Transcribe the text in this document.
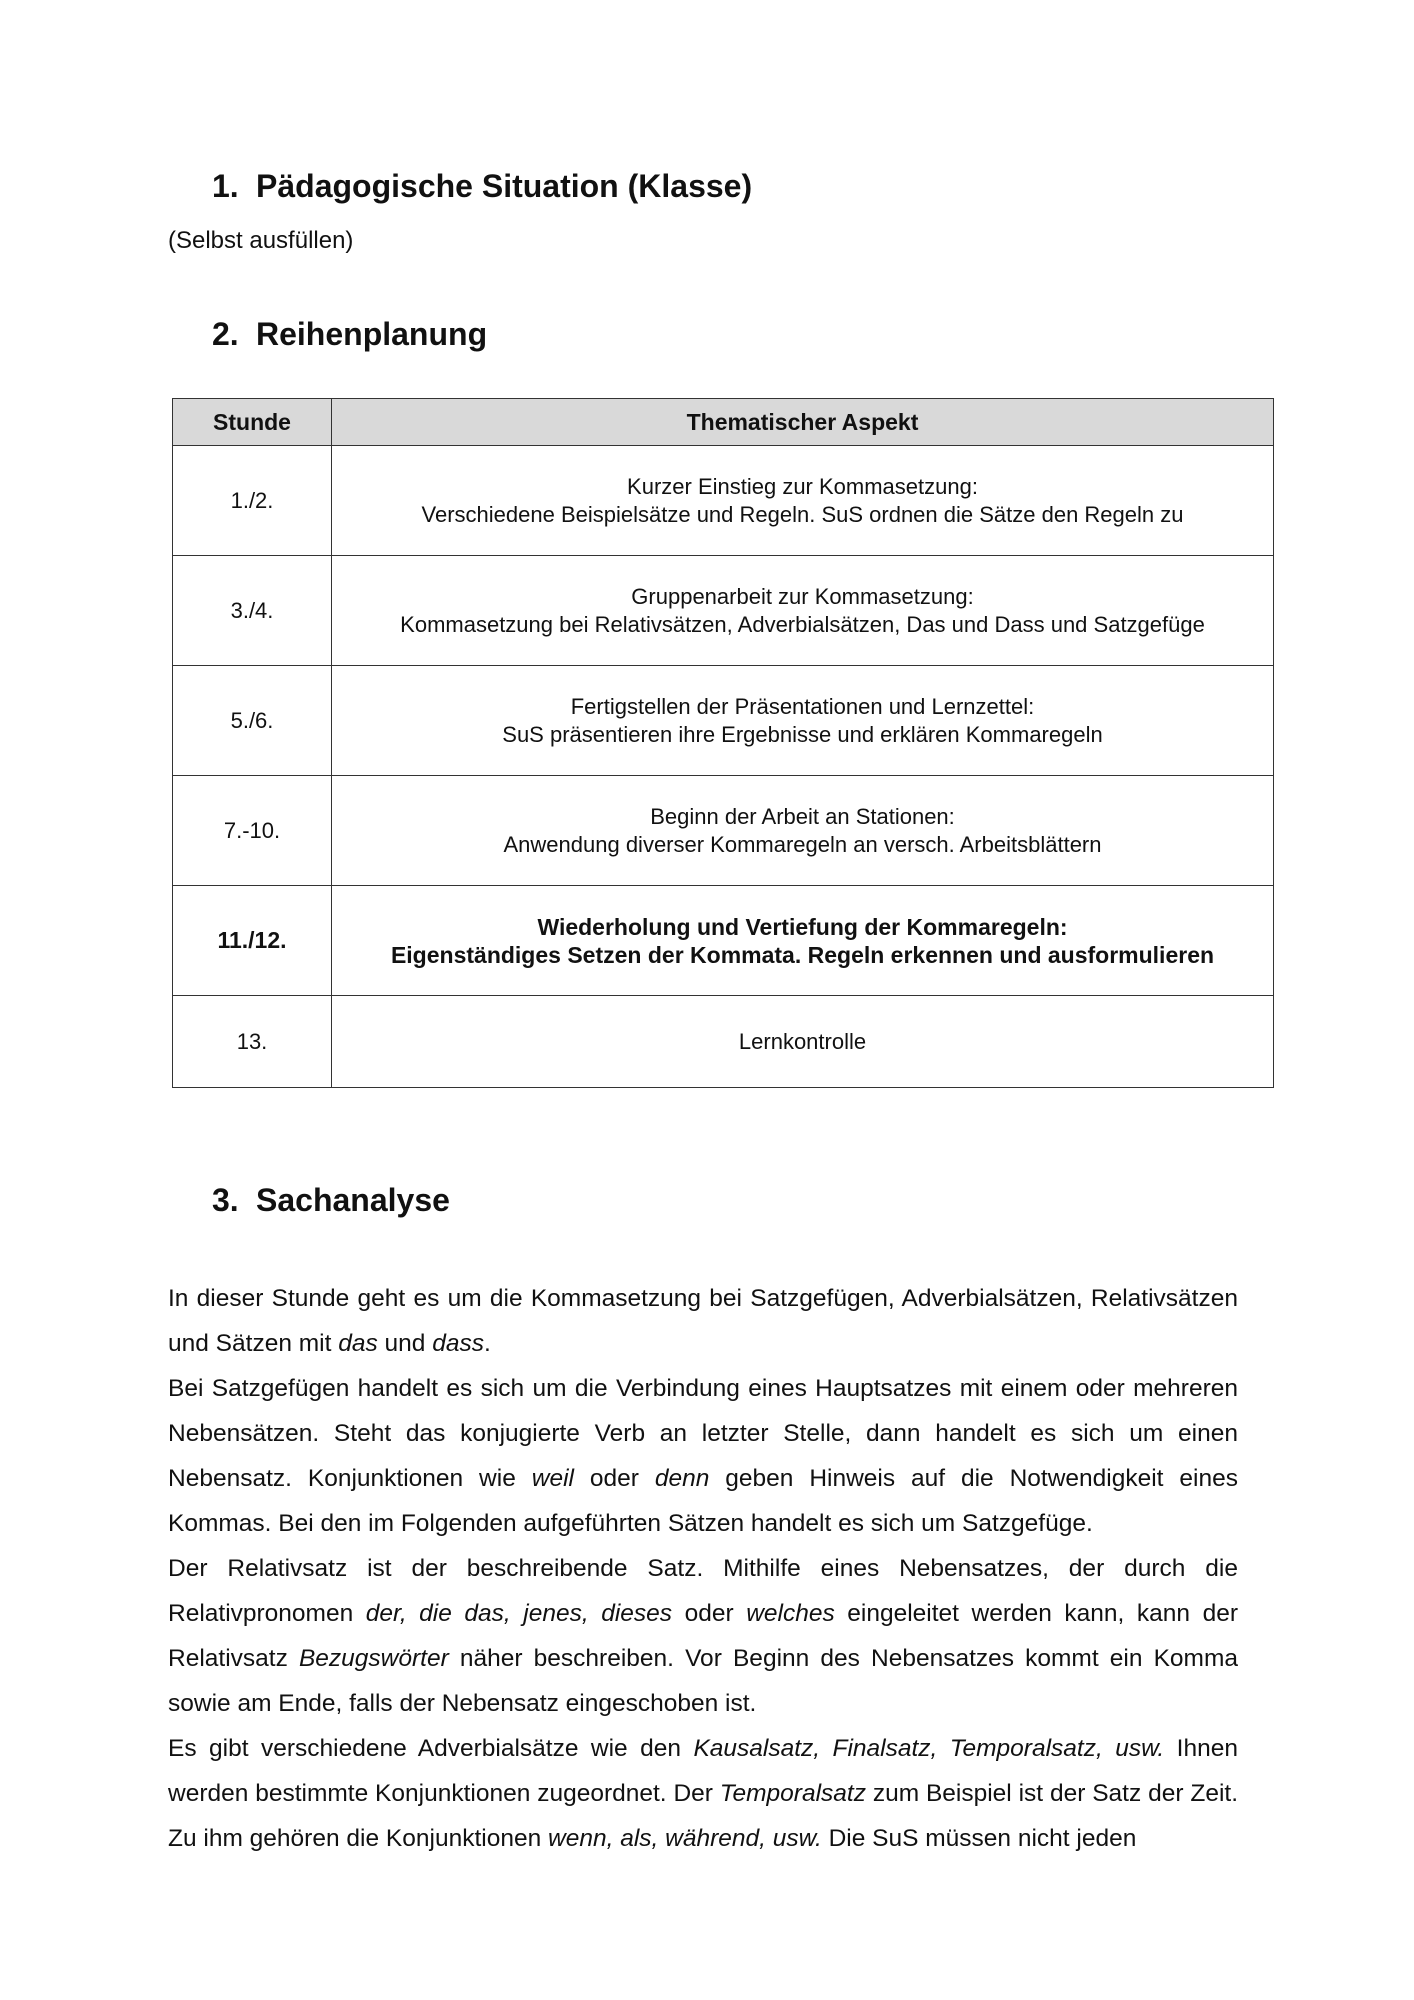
1. Pädagogische Situation (Klasse)

(Selbst ausfüllen)

2. Reihenplanung
Stunde	Thematischer Aspekt
1./2.	Kurzer Einstieg zur Kommasetzung:
Verschiedene Beispielsätze und Regeln. SuS ordnen die Sätze den Regeln zu

3./4.	Gruppenarbeit zur Kommasetzung:
Kommasetzung bei Relativsätzen, Adverbialsätzen, Das und Dass und Satzgefüge

5./6.	Fertigstellen der Präsentationen und Lernzettel:
SuS präsentieren ihre Ergebnisse und erklären Kommaregeln

7.-10.	Beginn der Arbeit an Stationen:
Anwendung diverser Kommaregeln an versch. Arbeitsblättern

11./12.	Wiederholung und Vertiefung der Kommaregeln:
Eigenständiges Setzen der Kommata. Regeln erkennen und ausformulieren

13.	Lernkontrolle
3. Sachanalyse

In dieser Stunde geht es um die Kommasetzung bei Satzgefügen, Adverbialsätzen, Relativsätzen und Sätzen mit das und dass.

Bei Satzgefügen handelt es sich um die Verbindung eines Hauptsatzes mit einem oder mehreren Nebensätzen. Steht das konjugierte Verb an letzter Stelle, dann handelt es sich um einen Nebensatz. Konjunktionen wie weil oder denn geben Hinweis auf die Notwendigkeit eines Kommas. Bei den im Folgenden aufgeführten Sätzen handelt es sich um Satzgefüge.

Der Relativsatz ist der beschreibende Satz. Mithilfe eines Nebensatzes, der durch die Relativpronomen der, die das, jenes, dieses oder welches eingeleitet werden kann, kann der Relativsatz Bezugswörter näher beschreiben. Vor Beginn des Nebensatzes kommt ein Komma sowie am Ende, falls der Nebensatz eingeschoben ist.

Es gibt verschiedene Adverbialsätze wie den Kausalsatz, Finalsatz, Temporalsatz, usw. Ihnen werden bestimmte Konjunktionen zugeordnet. Der Temporalsatz zum Beispiel ist der Satz der Zeit. Zu ihm gehören die Konjunktionen wenn, als, während, usw. Die SuS müssen nicht jeden
